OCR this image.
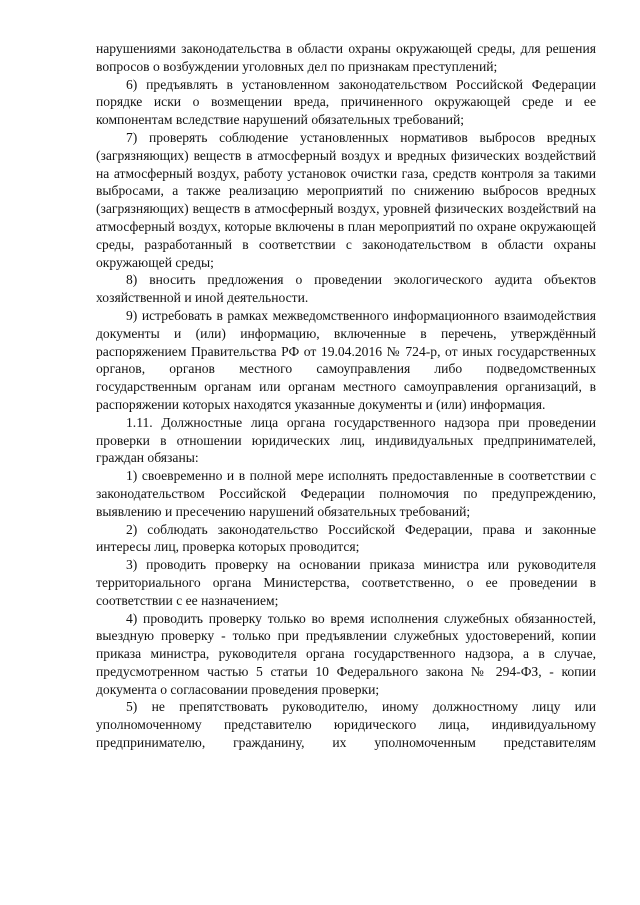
нарушениями законодательства в области охраны окружающей среды, для решения вопросов о возбуждении уголовных дел по признакам преступлений;

6) предъявлять в установленном законодательством Российской Федерации порядке иски о возмещении вреда, причиненного окружающей среде и ее компонентам вследствие нарушений обязательных требований;

7) проверять соблюдение установленных нормативов выбросов вредных (загрязняющих) веществ в атмосферный воздух и вредных физических воздействий на атмосферный воздух, работу установок очистки газа, средств контроля за такими выбросами, а также реализацию мероприятий по снижению выбросов вредных (загрязняющих) веществ в атмосферный воздух, уровней физических воздействий на атмосферный воздух, которые включены в план мероприятий по охране окружающей среды, разработанный в соответствии с законодательством в области охраны окружающей среды;

8) вносить предложения о проведении экологического аудита объектов хозяйственной и иной деятельности.

9) истребовать в рамках межведомственного информационного взаимодействия документы и (или) информацию, включенные в перечень, утверждённый распоряжением Правительства РФ от 19.04.2016 № 724-р, от иных государственных органов, органов местного самоуправления либо подведомственных государственным органам или органам местного самоуправления организаций, в распоряжении которых находятся указанные документы и (или) информация.

1.11. Должностные лица органа государственного надзора при проведении проверки в отношении юридических лиц, индивидуальных предпринимателей, граждан обязаны:

1) своевременно и в полной мере исполнять предоставленные в соответствии с законодательством Российской Федерации полномочия по предупреждению, выявлению и пресечению нарушений обязательных требований;

2) соблюдать законодательство Российской Федерации, права и законные интересы лиц, проверка которых проводится;

3) проводить проверку на основании приказа министра или руководителя территориального органа Министерства, соответственно, о ее проведении в соответствии с ее назначением;

4) проводить проверку только во время исполнения служебных обязанностей, выездную проверку - только при предъявлении служебных удостоверений, копии приказа министра, руководителя органа государственного надзора, а в случае, предусмотренном частью 5 статьи 10 Федерального закона № 294-ФЗ, - копии документа о согласовании проведения проверки;

5) не препятствовать руководителю, иному должностному лицу или уполномоченному представителю юридического лица, индивидуальному предпринимателю, гражданину, их уполномоченным представителям
